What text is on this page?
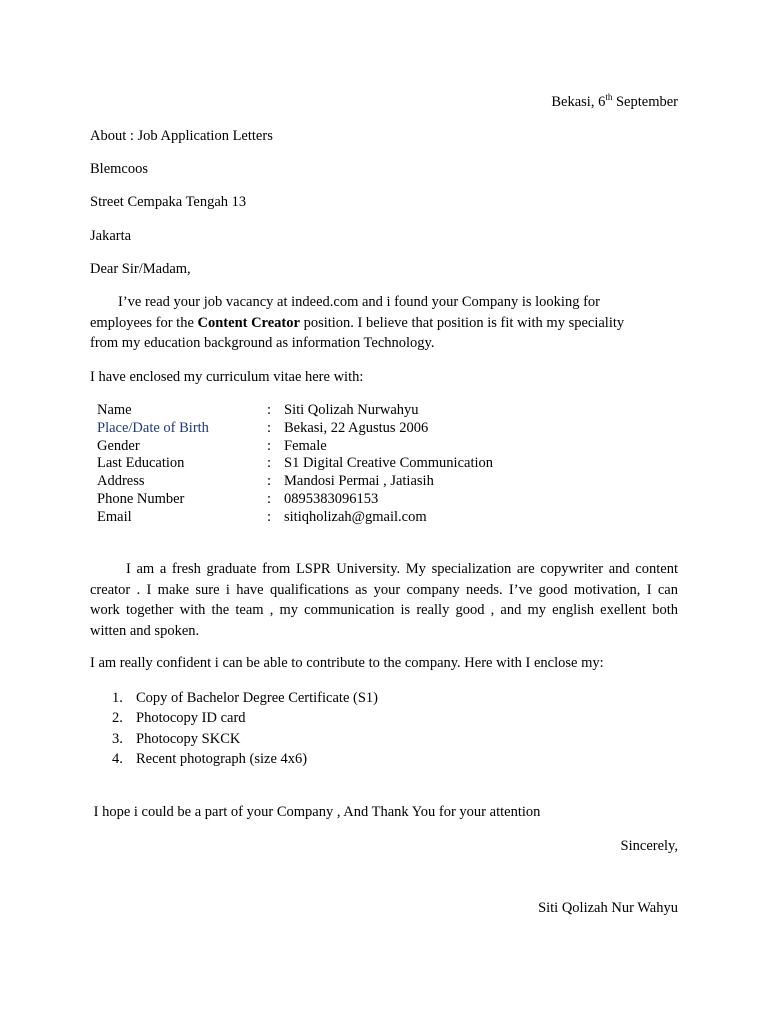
Bekasi, 6th September
About : Job Application Letters
Blemcoos
Street Cempaka Tengah 13
Jakarta
Dear Sir/Madam,
I’ve read your job vacancy at indeed.com and i found your Company is looking for
employees for the Content Creator position. I believe that position is fit with my speciality
from my education background as information Technology.
I have enclosed my curriculum vitae here with:
Name	:	Siti Qolizah Nurwahyu
Place/Date of Birth	:	Bekasi, 22 Agustus 2006
Gender	:	Female
Last Education	:	S1 Digital Creative Communication
Address	:	Mandosi Permai , Jatiasih
Phone Number	:	0895383096153
Email	:	sitiqholizah@gmail.com
I am a fresh graduate from LSPR University. My specialization are copywriter and content
creator . I make sure i have qualifications as your company needs. I’ve good motivation, I can
work together with the team , my communication is really good , and my english exellent both
witten and spoken.
I am really confident i can be able to contribute to the company. Here with I enclose my:
1. Copy of Bachelor Degree Certificate (S1)
2. Photocopy ID card
3. Photocopy SKCK
4. Recent photograph (size 4x6)
I hope i could be a part of your Company , And Thank You for your attention
Sincerely,
Siti Qolizah Nur Wahyu
